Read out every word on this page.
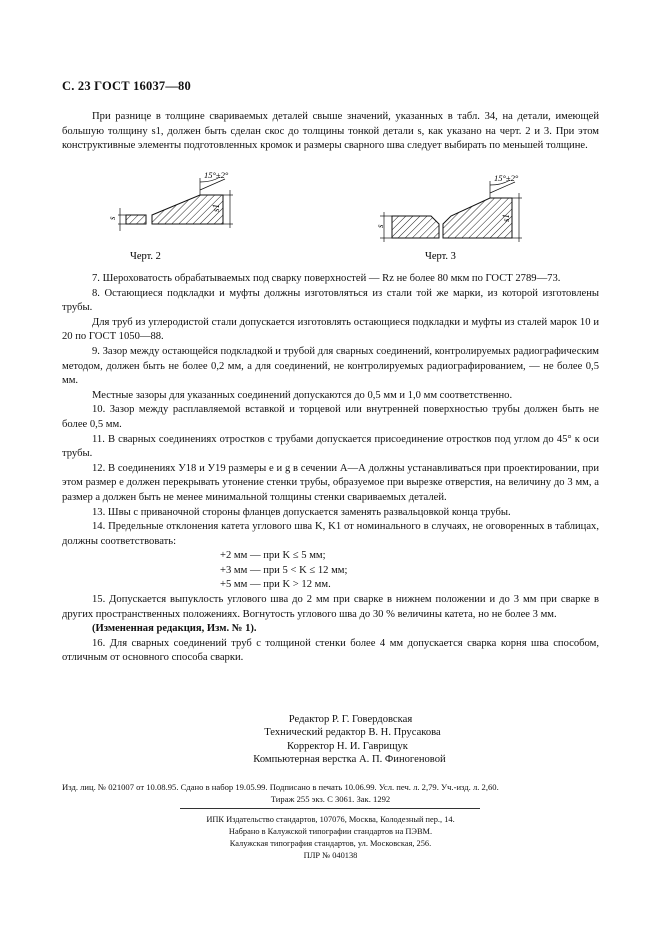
С. 23 ГОСТ 16037—80

При разнице в толщине свариваемых деталей свыше значений, указанных в табл. 34, на детали, имеющей большую толщину s1, должен быть сделан скос до толщины тонкой детали s, как указано на черт. 2 и 3. При этом конструктивные элементы подготовленных кромок и размеры сварного шва следует выбирать по меньшей толщине.

s
s1
15°±2°
Черт. 2
s
s1
15°±2°
Черт. 3

7. Шероховатость обрабатываемых под сварку поверхностей — Rz не более 80 мкм по ГОСТ 2789—73.

8. Остающиеся подкладки и муфты должны изготовляться из стали той же марки, из которой изготовлены трубы.

Для труб из углеродистой стали допускается изготовлять остающиеся подкладки и муфты из сталей марок 10 и 20 по ГОСТ 1050—88.

9. Зазор между остающейся подкладкой и трубой для сварных соединений, контролируемых радиографическим методом, должен быть не более 0,2 мм, а для соединений, не контролируемых радиографированием, — не более 0,5 мм.

Местные зазоры для указанных соединений допускаются до 0,5 мм и 1,0 мм соответственно.

10. Зазор между расплавляемой вставкой и торцевой или внутренней поверхностью трубы должен быть не более 0,5 мм.

11. В сварных соединениях отростков с трубами допускается присоединение отростков под углом до 45° к оси трубы.

12. В соединениях У18 и У19 размеры e и g в сечении А—А должны устанавливаться при проектировании, при этом размер e должен перекрывать утонение стенки трубы, образуемое при вырезке отверстия, на величину до 3 мм, а размер a должен быть не менее минимальной толщины стенки свариваемых деталей.

13. Швы с приваночной стороны фланцев допускается заменять развальцовкой конца трубы.

14. Предельные отклонения катета углового шва K, K1 от номинального в случаях, не оговоренных в таблицах, должны соответствовать:

+2 мм — при K ≤ 5 мм;

+3 мм — при 5 < K ≤ 12 мм;

+5 мм — при K > 12 мм.

15. Допускается выпуклость углового шва до 2 мм при сварке в нижнем положении и до 3 мм при сварке в других пространственных положениях. Вогнутость углового шва до 30 % величины катета, но не более 3 мм.

(Измененная редакция, Изм. № 1).

16. Для сварных соединений труб с толщиной стенки более 4 мм допускается сварка корня шва способом, отличным от основного способа сварки.

Редактор Р. Г. Говердовская
Технический редактор В. Н. Прусакова
Корректор Н. И. Гаврищук
Компьютерная верстка А. П. Финогеновой
Изд. лиц. № 021007 от 10.08.95. Сдано в набор 19.05.99. Подписано в печать 10.06.99. Усл. печ. л. 2,79. Уч.-изд. л. 2,60.
Тираж 255 экз. С 3061. Зак. 1292
ИПК Издательство стандартов, 107076, Москва, Колодезный пер., 14.
Набрано в Калужской типографии стандартов на ПЭВМ.
Калужская типография стандартов, ул. Московская, 256.
ПЛР № 040138
